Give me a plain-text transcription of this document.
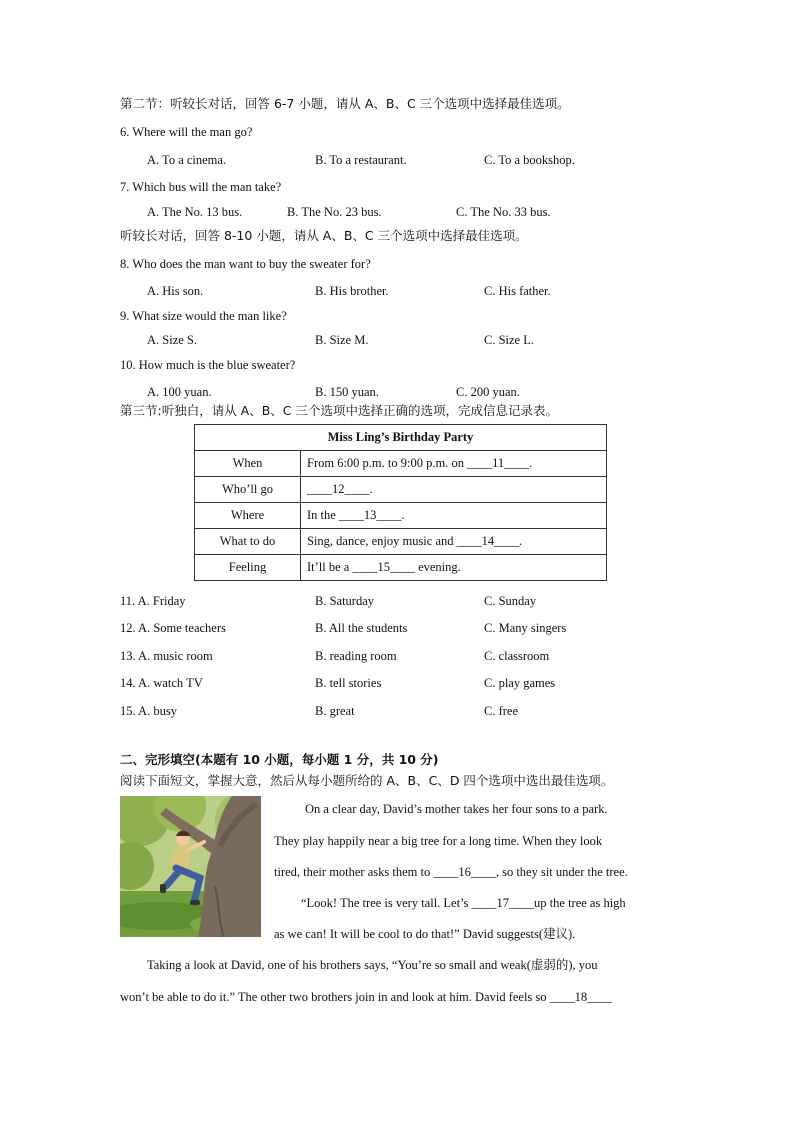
第二节：听较长对话，回答 6-7 小题，请从 A、B、C 三个选项中选择最佳选项。
6. Where will the man go?
A. To a cinema.	B. To a restaurant.	C. To a bookshop.
7. Which bus will the man take?
A. The No. 13 bus.	B. The No. 23 bus.	C. The No. 33 bus.
听较长对话，回答 8-10 小题，请从 A、B、C 三个选项中选择最佳选项。
8. Who does the man want to buy the sweater for?
A. His son.	B. His brother.	C. His father.
9. What size would the man like?
A. Size S.	B. Size M.	C. Size L.
10. How much is the blue sweater?
A. 100 yuan.	B. 150 yuan.	C. 200 yuan.
第三节:听独白，请从 A、B、C 三个选项中选择正确的选项，完成信息记录表。
Miss Ling’s Birthday Party	
When	From 6:00 p.m. to 9:00 p.m. on ____11____.
Who’ll go	____12____.
Where	In the ____13____.
What to do	Sing, dance, enjoy music and ____14____.
Feeling	It’ll be a ____15____ evening.
11. A. Friday	B. Saturday	C. Sunday
12. A. Some teachers	B. All the students	C. Many singers
13. A. music room	B. reading room	C. classroom
14. A. watch TV	B. tell stories	C. play games
15. A. busy	B. great	C. free
二、完形填空(本题有 10 小题，每小题 1 分，共 10 分)
阅读下面短文，掌握大意，然后从每小题所给的 A、B、C、D 四个选项中选出最佳选项。
On a clear day, David’s mother takes her four sons to a park.
They play happily near a big tree for a long time. When they look
tired, their mother asks them to ____16____, so they sit under the tree.
“Look! The tree is very tall. Let’s ____17____up the tree as high
as we can! It will be cool to do that!” David suggests(建议).
Taking a look at David, one of his brothers says, “You’re so small and weak(虚弱的), you
won’t be able to do it.” The other two brothers join in and look at him. David feels so ____18____
